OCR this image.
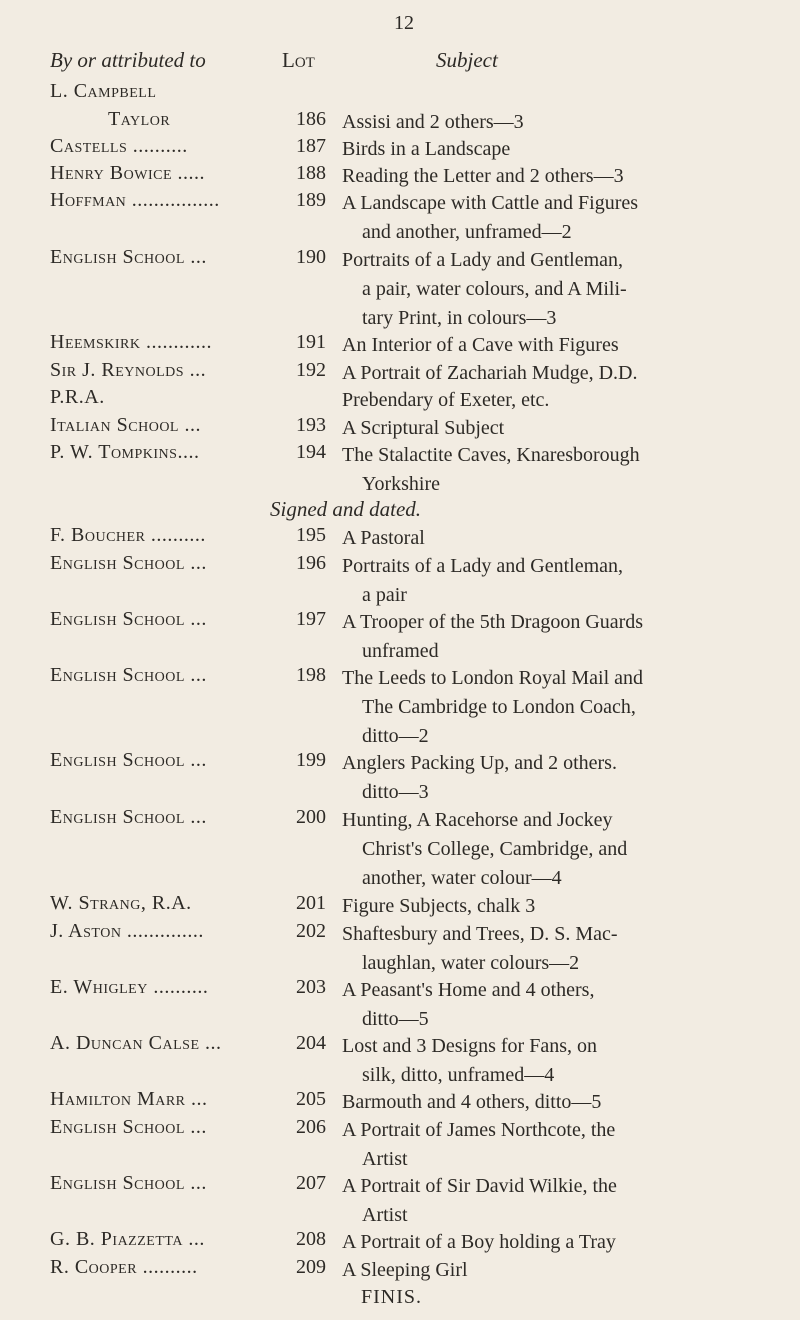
12
By or attributed to	Lot	Subject
L. Campbell
Taylor	186 Assisi and 2 others—3
Castells ..........	187 Birds in a Landscape
Henry Bowice .....	188 Reading the Letter and 2 others—3
Hoffman ................	189 A Landscape with Cattle and Figures
and another, unframed—2
English School ...	190 Portraits of a Lady and Gentleman,
a pair, water colours, and A Mili-
tary Print, in colours—3
Heemskirk ............	191 An Interior of a Cave with Figures
Sir J. Reynolds ...	192 A Portrait of Zachariah Mudge, D.D.
P.R.A.	Prebendary of Exeter, etc.
Italian School ...	193 A Scriptural Subject
P. W. Tompkins....	194 The Stalactite Caves, Knaresborough
Yorkshire
F. Boucher ..........	195 A Pastoral
English School ...	196 Portraits of a Lady and Gentleman,
a pair
English School ...	197 A Trooper of the 5th Dragoon Guards
unframed
English School ...	198 The Leeds to London Royal Mail and
The Cambridge to London Coach,
ditto—2
English School ...	199 Anglers Packing Up, and 2 others.
ditto—3
English School ...	200 Hunting, A Racehorse and Jockey
Christ's College, Cambridge, and
another, water colour—4
W. Strang, R.A.	201 Figure Subjects, chalk 3
J. Aston ..............	202 Shaftesbury and Trees, D. S. Mac-
laughlan, water colours—2
E. Whigley ..........	203 A Peasant's Home and 4 others,
ditto—5
A. Duncan Calse ...	204 Lost and 3 Designs for Fans, on
silk, ditto, unframed—4
Hamilton Marr ...	205 Barmouth and 4 others, ditto—5
English School ...	206 A Portrait of James Northcote, the
Artist
English School ...	207 A Portrait of Sir David Wilkie, the
Artist
G. B. Piazzetta ...	208 A Portrait of a Boy holding a Tray
R. Cooper ..........	209 A Sleeping Girl
Signed and dated.
FINIS.
